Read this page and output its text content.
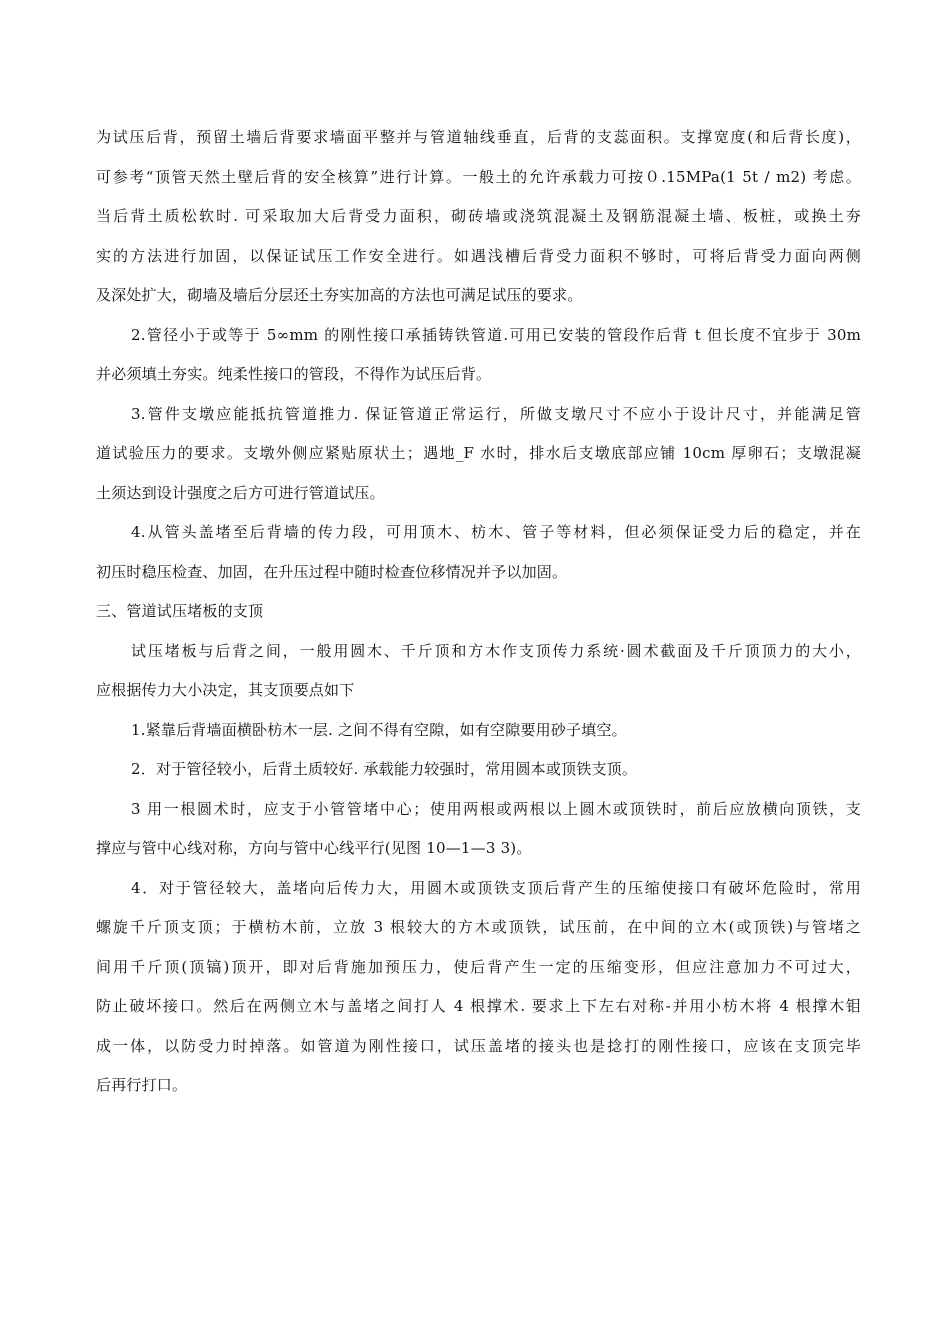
为试压后背，预留土墙后背要求墙面平整并与管道轴线垂直，后背的支蕊面积。支撑宽度(和后背长度)，
可参考“顶管天然土壁后背的安全核算”进行计算。一般土的允许承载力可按０.15MPa(1 5t / m2) 考虑。
当后背土质松软时. 可采取加大后背受力面积，砌砖墙或浇筑混凝土及钢筋混凝土墙、板桩，或换土夯
实的方法进行加固，以保证试压工作安全进行。如遇浅槽后背受力面积不够时，可将后背受力面向两侧
及深处扩大，砌墙及墙后分层还土夯实加高的方法也可满足试压的要求。
2.管径小于或等于 5∞mm 的刚性接口承插铸铁管道.可用已安装的管段作后背 t 但长度不宜步于 30m
并必须填土夯实。纯柔性接口的管段，不得作为试压后背。
3.管件支墩应能抵抗管道推力. 保证管道正常运行，所做支墩尺寸不应小于设计尺寸，并能满足管
道试验压力的要求。支墩外侧应紧贴原状土；遇地_F 水时，排水后支墩底部应铺 10cm 厚卵石；支墩混凝
土须达到设计强度之后方可进行管道试压。
4.从管头盖堵至后背墙的传力段，可用顶木、枋木、管子等材料，但必须保证受力后的稳定，并在
初压时稳压检查、加固，在升压过程中随时检查位移情况并予以加固。
三、管道试压堵板的支顶
试压堵板与后背之间，一般用圆木、千斤顶和方木作支顶传力系统·圆术截面及千斤顶顶力的大小，
应根据传力大小决定，其支顶要点如下
1.紧靠后背墙面横卧枋木一层. 之间不得有空隙，如有空隙要用砂子填空。
2．对于管径较小，后背土质较好. 承载能力较强时，常用圆本或顶铁支顶。
3 用一根圆术时，应支于小管管堵中心；使用两根或两根以上圆木或顶铁时，前后应放横向顶铁，支
撑应与管中心线对称，方向与管中心线平行(见图 10—1—3 3)。
4．对于管径较大，盖堵向后传力大，用圆木或顶铁支顶后背产生的压缩使接口有破坏危险时，常用
螺旋千斤顶支顶；于横枋木前，立放 3 根较大的方木或顶铁，试压前，在中间的立木(或顶铁)与管堵之
间用千斤顶(顶镐)顶开，即对后背施加预压力，使后背产生一定的压缩变形，但应注意加力不可过大，
防止破坏接口。然后在两侧立木与盖堵之间打人 4 根撑术. 要求上下左右对称-并用小枋木将 4 根撑木钼
成一体，以防受力时掉落。如管道为刚性接口，试压盖堵的接头也是捻打的刚性接口，应该在支顶完毕
后再行打口。
